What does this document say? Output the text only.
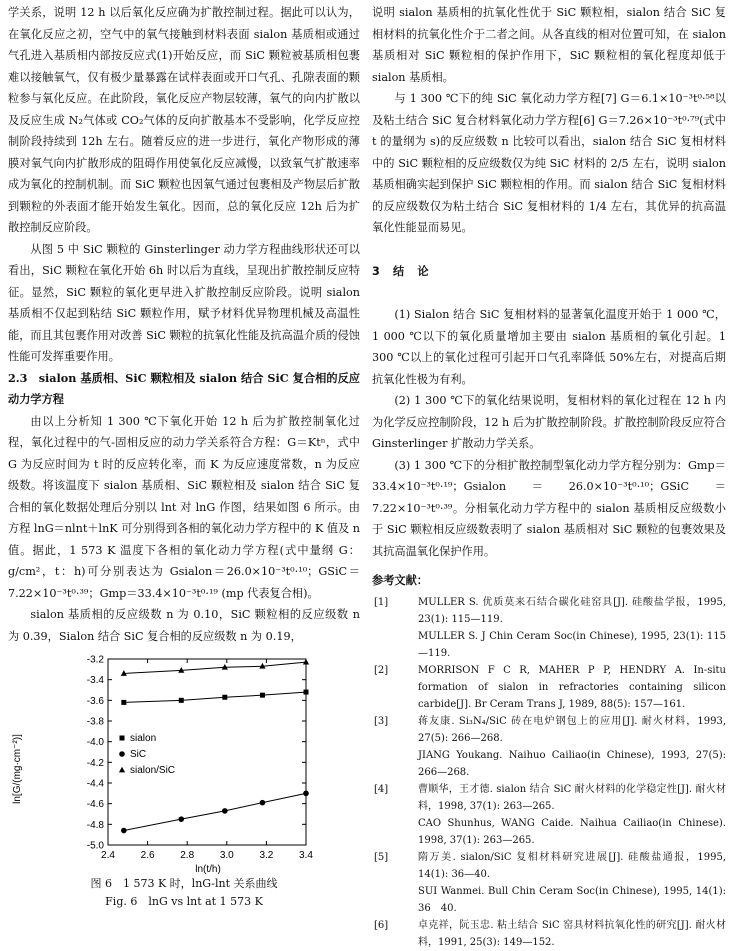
学关系，说明 12 h 以后氧化反应确为扩散控制过程。据此可以认为，在氧化反应之初，空气中的氧气接触到材料表面 sialon 基质相或通过气孔进入基质相内部按反应式(1)开始反应，而 SiC 颗粒被基质相包裹难以接触氧气，仅有极少量暴露在试样表面或开口气孔、孔隙表面的颗粒参与氧化反应。在此阶段，氧化反应产物层较薄，氧气的向内扩散以及反应生成 N₂气体或 CO₂气体的反向扩散基本不受影响，化学反应控制阶段持续到 12h 左右。随着反应的进一步进行，氧化产物形成的薄膜对氧气向内扩散形成的阻碍作用使氧化反应减慢，以致氧气扩散速率成为氧化的控制机制。而 SiC 颗粒也因氧气通过包裹相及产物层后扩散到颗粒的外表面才能开始发生氧化。因而，总的氧化反应 12h 后为扩散控制反应阶段。

从图 5 中 SiC 颗粒的 Ginsterlinger 动力学方程曲线形状还可以看出，SiC 颗粒在氧化开始 6h 时以后为直线，呈现出扩散控制反应特征。显然，SiC 颗粒的氧化更早进入扩散控制反应阶段。说明 sialon 基质相不仅起到粘结 SiC 颗粒作用，赋予材料优异物理机械及高温性能，而且其包裹作用对改善 SiC 颗粒的抗氧化性能及抗高温介质的侵蚀性能可发挥重要作用。

2.3　sialon 基质相、SiC 颗粒相及 sialon 结合 SiC 复合相的反应动力学方程

由以上分析知 1 300 ℃下氧化开始 12 h 后为扩散控制氧化过程，氧化过程中的气-固相反应的动力学关系符合方程：G＝Ktⁿ，式中 G 为反应时间为 t 时的反应转化率，而 K 为反应速度常数，n 为反应级数。将该温度下 sialon 基质相、SiC 颗粒相及 sialon 结合 SiC 复合相的氧化数据处理后分别以 lnt 对 lnG 作图，结果如图 6 所示。由方程 lnG＝nlnt＋lnK 可分别得到各相的氧化动力学方程中的 K 值及 n 值。据此，1 573 K 温度下各相的氧化动力学方程(式中量纲 G：g/cm²，t：h)可分别表达为 Gsialon＝26.0×10⁻³t⁰·¹⁰；GSiC＝7.22×10⁻³t⁰·³⁹；Gmp＝33.4×10⁻³t⁰·¹⁹ (mp 代表复合相)。

sialon 基质相的反应级数 n 为 0.10，SiC 颗粒相的反应级数 n 为 0.39，Sialon 结合 SiC 复合相的反应级数 n 为 0.19，

2.4	2.6	2.8	3.0	3.2	3.4
-3.2
-3.4
-3.6
-3.8
-4.0
-4.2
-4.4
-4.6
-4.8
-5.0
sialon
SiC
sialon/SiC
ln[G/(mg·cm⁻²)]
ln(t/h)

图 6　1 573 K 时，lnG-lnt 关系曲线

Fig. 6　lnG vs lnt at 1 573 K

说明 sialon 基质相的抗氧化性优于 SiC 颗粒相，sialon 结合 SiC 复相材料的抗氧化性介于二者之间。从各直线的相对位置可知，在 sialon 基质相对 SiC 颗粒相的保护作用下，SiC 颗粒相的氧化程度却低于 sialon 基质相。

与 1 300 ℃下的纯 SiC 氧化动力学方程[7] G＝6.1×10⁻³t⁰·⁵⁸以及粘土结合 SiC 复合材料氧化动力学方程[6] G＝7.26×10⁻³t⁰·⁷⁹(式中 t 的量纲为 s)的反应级数 n 比较可以看出，sialon 结合 SiC 复相材料中的 SiC 颗粒相的反应级数仅为纯 SiC 材料的 2/5 左右，说明 sialon 基质相确实起到保护 SiC 颗粒相的作用。而 sialon 结合 SiC 复相材料的反应级数仅为粘土结合 SiC 复相材料的 1/4 左右，其优异的抗高温氧化性能显而易见。

3　结　论

(1) Sialon 结合 SiC 复相材料的显著氧化温度开始于 1 000 ℃，1 000 ℃以下的氧化质量增加主要由 sialon 基质相的氧化引起。1 300 ℃以上的氧化过程可引起开口气孔率降低 50%左右，对提高后期抗氧化性极为有利。

(2) 1 300 ℃下的氧化结果说明，复相材料的氧化过程在 12 h 内为化学反应控制阶段，12 h 后为扩散控制阶段。扩散控制阶段反应符合 Ginsterlinger 扩散动力学关系。

(3) 1 300 ℃下的分相扩散控制型氧化动力学方程分别为：Gmp＝33.4×10⁻³t⁰·¹⁹；Gsialon＝26.0×10⁻³t⁰·¹⁰；GSiC＝7.22×10⁻³t⁰·³⁹。分相氧化动力学方程中的 sialon 基质相反应级数小于 SiC 颗粒相反应级数表明了 sialon 基质相对 SiC 颗粒的包裹效果及其抗高温氧化保护作用。

参考文献：

[1]	MULLER S. 优质莫来石结合碳化硅窑具[J]. 硅酸盐学报，1995, 23(1): 115—119.
MULLER S. J Chin Ceram Soc(in Chinese), 1995, 23(1): 115—119.
[2]	MORRISON F C R, MAHER P P, HENDRY A. In-situ formation of sialon in refractories containing silicon carbide[J]. Br Ceram Trans J, 1989, 88(5): 157—161.
[3]	蒋友康. Si₃N₄/SiC 砖在电炉钢包上的应用[J]. 耐火材料，1993, 27(5): 266—268.
JIANG Youkang. Naihuo Cailiao(in Chinese), 1993, 27(5): 266—268.
[4]	曹顺华，王才德. sialon 结合 SiC 耐火材料的化学稳定性[J]. 耐火材料，1998, 37(1): 263—265.
CAO Shunhus, WANG Caide. Naihua Cailiao(in Chinese). 1998, 37(1): 263—265.
[5]	隋万美. sialon/SiC 复相材料研究进展[J]. 硅酸盐通报，1995, 14(1): 36—40.
SUI Wanmei. Bull Chin Ceram Soc(in Chinese), 1995, 14(1): 36　40.
[6]	卓克祥，阮玉忠. 粘土结合 SiC 窑具材料抗氧化性的研究[J]. 耐火材料，1991, 25(3): 149—152.
